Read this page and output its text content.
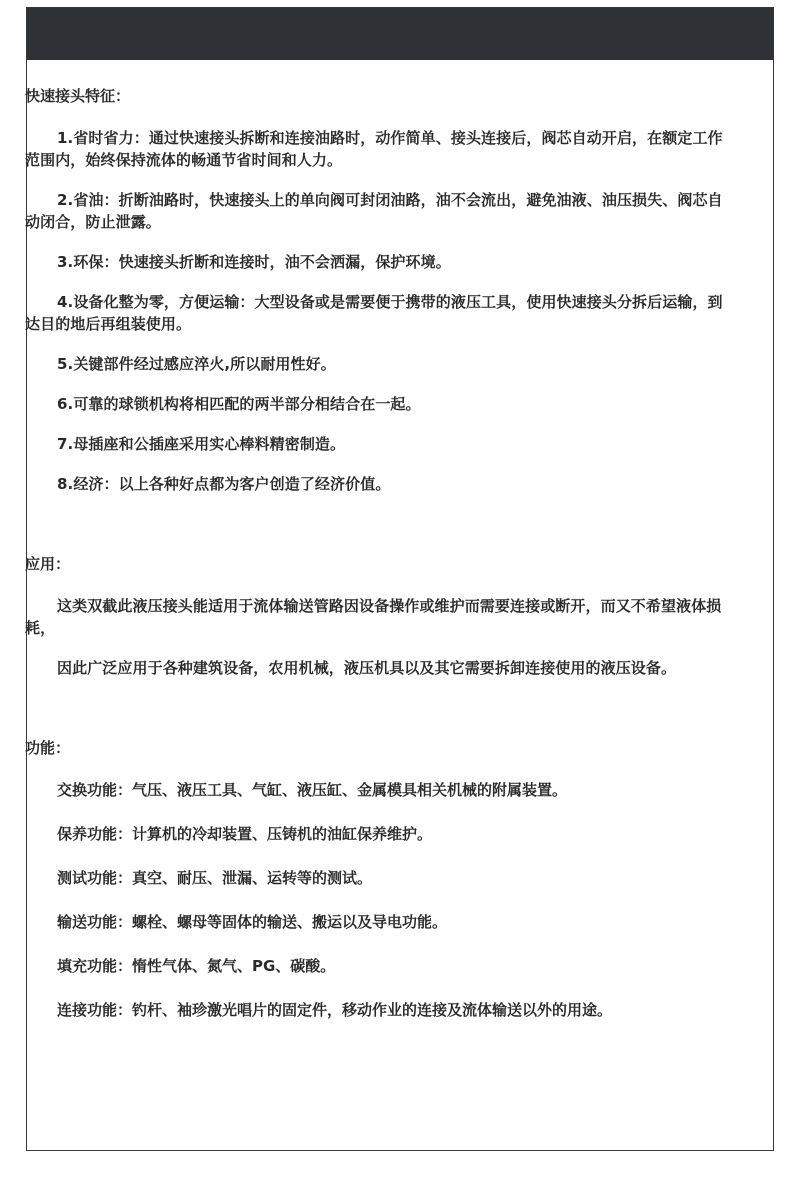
快速接头特征：

1.省时省力：通过快速接头拆断和连接油路时，动作简单、接头连接后，阀芯自动开启，在额定工作范围内，始终保持流体的畅通节省时间和人力。

2.省油：折断油路时，快速接头上的单向阀可封闭油路，油不会流出，避免油液、油压损失、阀芯自动闭合，防止泄露。

3.环保：快速接头折断和连接时，油不会洒漏，保护环境。

4.设备化整为零，方便运输：大型设备或是需要便于携带的液压工具，使用快速接头分拆后运输，到达目的地后再组装使用。

5.关键部件经过感应淬火,所以耐用性好。

6.可靠的球锁机构将相匹配的两半部分相结合在一起。

7.母插座和公插座采用实心棒料精密制造。

8.经济：以上各种好点都为客户创造了经济价值。

应用：

这类双截此液压接头能适用于流体输送管路因设备操作或维护而需要连接或断开，而又不希望液体损耗，

因此广泛应用于各种建筑设备，农用机械，液压机具以及其它需要拆卸连接使用的液压设备。

功能：

交换功能：气压、液压工具、气缸、液压缸、金属模具相关机械的附属装置。

保养功能：计算机的冷却装置、压铸机的油缸保养维护。

测试功能：真空、耐压、泄漏、运转等的测试。

输送功能：螺栓、螺母等固体的输送、搬运以及导电功能。

填充功能：惰性气体、氮气、PG、碳酸。

连接功能：钓杆、袖珍激光唱片的固定件，移动作业的连接及流体输送以外的用途。
